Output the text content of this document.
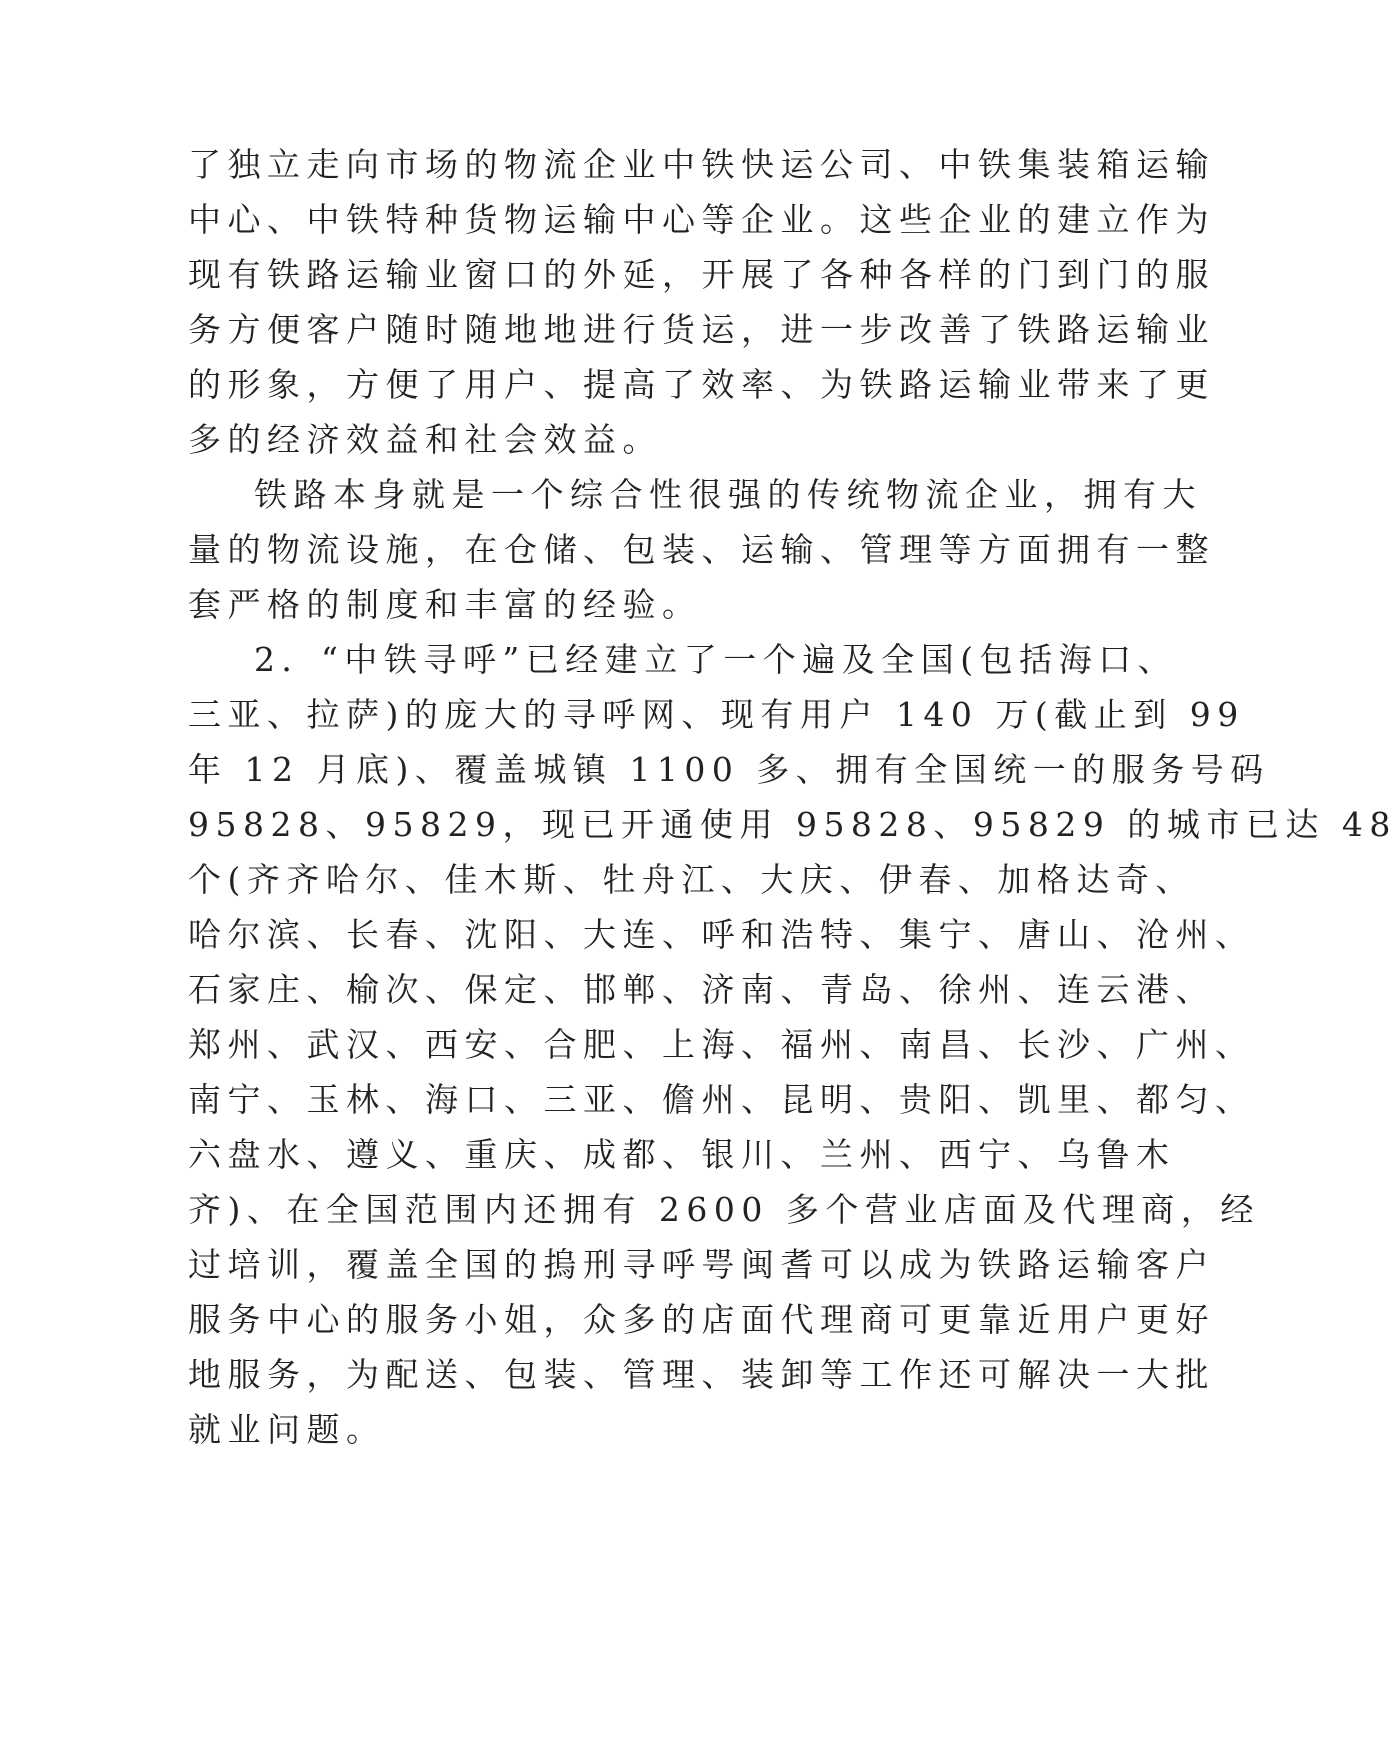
了独立走向市场的物流企业中铁快运公司、中铁集装箱运输
中心、中铁特种货物运输中心等企业。这些企业的建立作为
现有铁路运输业窗口的外延，开展了各种各样的门到门的服
务方便客户随时随地地进行货运，进一步改善了铁路运输业
的形象，方便了用户、提高了效率、为铁路运输业带来了更
多的经济效益和社会效益。
铁路本身就是一个综合性很强的传统物流企业，拥有大
量的物流设施，在仓储、包装、运输、管理等方面拥有一整
套严格的制度和丰富的经验。
2．“中铁寻呼”已经建立了一个遍及全国(包括海口、
三亚、拉萨)的庞大的寻呼网、现有用户 140 万(截止到 99
年 12 月底)、覆盖城镇 1100 多、拥有全国统一的服务号码
95828、95829，现已开通使用 95828、95829 的城市已达 48
个(齐齐哈尔、佳木斯、牡舟江、大庆、伊春、加格达奇、
哈尔滨、长春、沈阳、大连、呼和浩特、集宁、唐山、沧州、
石家庄、榆次、保定、邯郸、济南、青岛、徐州、连云港、
郑州、武汉、西安、合肥、上海、福州、南昌、长沙、广州、
南宁、玉林、海口、三亚、儋州、昆明、贵阳、凯里、都匀、
六盘水、遵义、重庆、成都、银川、兰州、西宁、乌鲁木
齐)、在全国范围内还拥有 2600 多个营业店面及代理商，经
过培训，覆盖全国的摀刑寻呼咢闽耆可以成为铁路运输客户
服务中心的服务小姐，众多的店面代理商可更靠近用户更好
地服务，为配送、包装、管理、装卸等工作还可解决一大批
就业问题。
